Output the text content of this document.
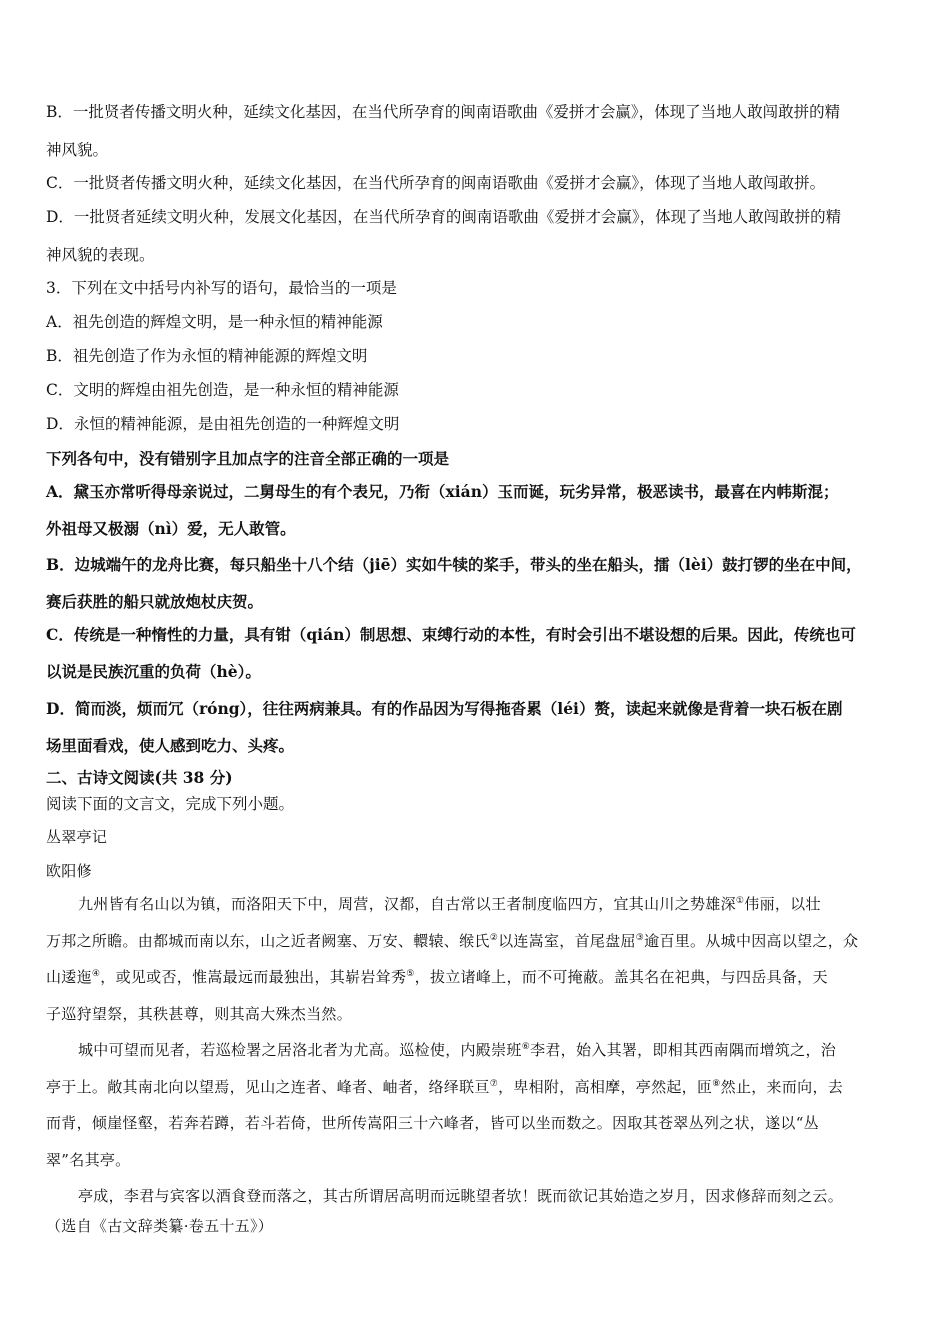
B．一批贤者传播文明火种，延续文化基因，在当代所孕育的闽南语歌曲《爱拼才会赢》，体现了当地人敢闯敢拼的精
神风貌。
C．一批贤者传播文明火种，延续文化基因，在当代所孕育的闽南语歌曲《爱拼才会赢》，体现了当地人敢闯敢拼。
D．一批贤者延续文明火种，发展文化基因，在当代所孕育的闽南语歌曲《爱拼才会赢》，体现了当地人敢闯敢拼的精
神风貌的表现。
3．下列在文中括号内补写的语句，最恰当的一项是
A．祖先创造的辉煌文明，是一种永恒的精神能源
B．祖先创造了作为永恒的精神能源的辉煌文明
C．文明的辉煌由祖先创造，是一种永恒的精神能源
D．永恒的精神能源，是由祖先创造的一种辉煌文明
下列各句中，没有错别字且加点字的注音全部正确的一项是
A．黛玉亦常听得母亲说过，二舅母生的有个表兄，乃衔（xián）玉而诞，玩劣异常，极恶读书，最喜在内帏斯混；
外祖母又极溺（nì）爱，无人敢管。
B．边城端午的龙舟比赛，每只船坐十八个结（jiē）实如牛犊的桨手，带头的坐在船头，擂（lèi）鼓打锣的坐在中间，
赛后获胜的船只就放炮杖庆贺。
C．传统是一种惰性的力量，具有钳（qián）制思想、束缚行动的本性，有时会引出不堪设想的后果。因此，传统也可
以说是民族沉重的负荷（hè）。
D．简而淡，烦而冗（róng），往往两病兼具。有的作品因为写得拖沓累（léi）赘，读起来就像是背着一块石板在剧
场里面看戏，使人感到吃力、头疼。
二、古诗文阅读(共 38 分)
阅读下面的文言文，完成下列小题。
丛翠亭记
欧阳修
九州皆有名山以为镇，而洛阳天下中，周营，汉都，自古常以王者制度临四方，宜其山川之势雄深①伟丽，以壮
万邦之所瞻。由都城而南以东，山之近者阙塞、万安、轘辕、缑氏②以连嵩室，首尾盘屈③逾百里。从城中因高以望之，众
山逶迤④，或见或否，惟嵩最远而最独出，其崭岩耸秀⑤，拔立诸峰上，而不可掩蔽。盖其名在祀典，与四岳具备，天
子巡狩望祭，其秩甚尊，则其高大殊杰当然。
城中可望而见者，若巡检署之居洛北者为尤高。巡检使，内殿崇班⑥李君，始入其署，即相其西南隅而增筑之，治
亭于上。敞其南北向以望焉，见山之连者、峰者、岫者，络绎联亘⑦，卑相附，高相摩，亭然起，匝⑧然止，来而向，去
而背，倾崖怪壑，若奔若蹲，若斗若倚，世所传嵩阳三十六峰者，皆可以坐而数之。因取其苍翠丛列之状，遂以“丛
翠”名其亭。
亭成，李君与宾客以酒食登而落之，其古所谓居高明而远眺望者欤！既而欲记其始造之岁月，因求修辞而刻之云。
（选自《古文辞类纂·卷五十五》）
